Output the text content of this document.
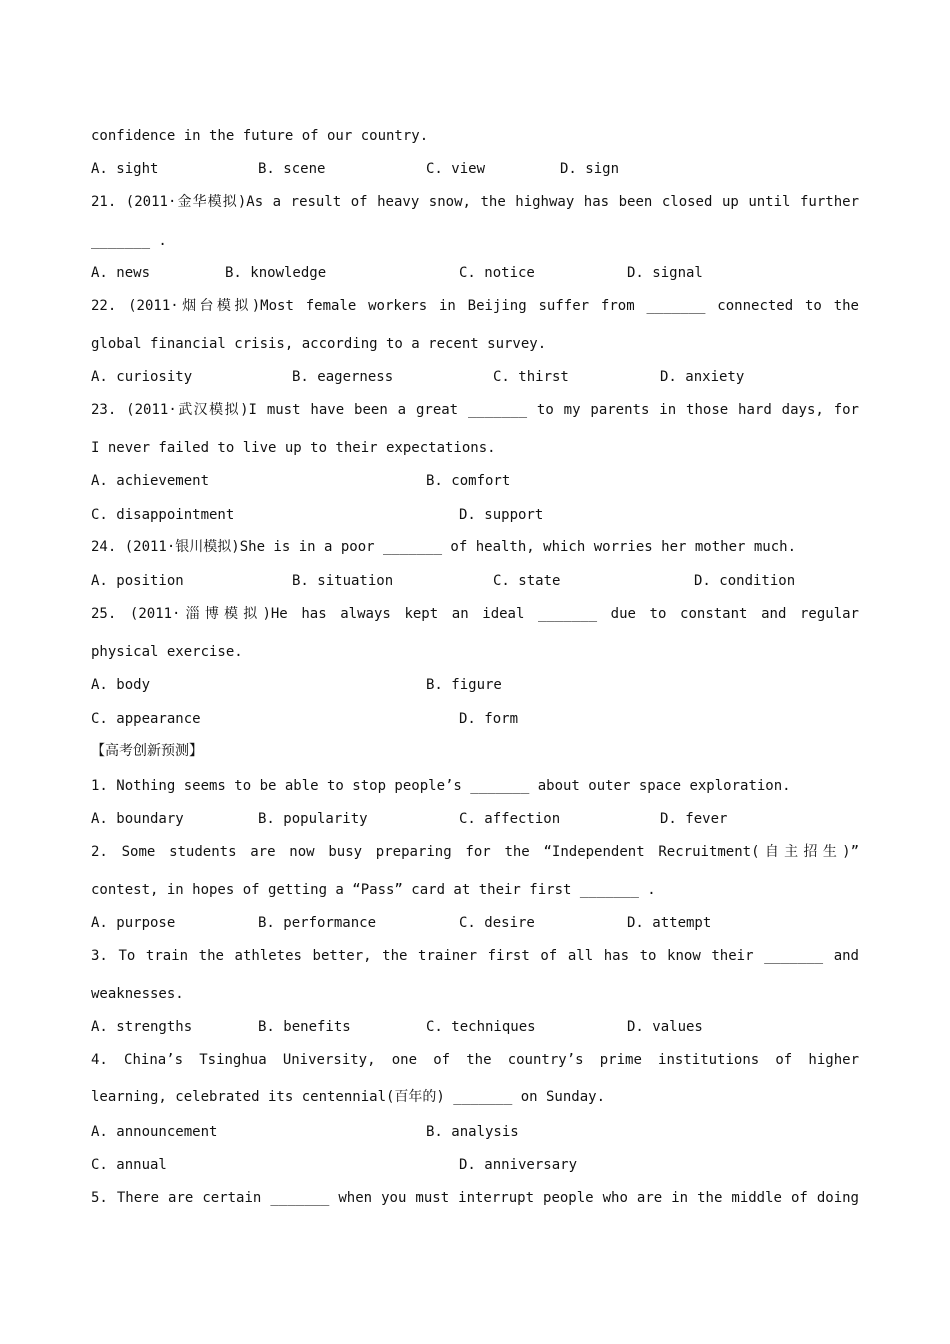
confidence in the future of our country.
A. sight	B. scene	C. view	D. sign
21. (2011·金华模拟)As a result of heavy snow, the highway has been closed up until further
_______ .
A. news	B. knowledge	C. notice	D. signal
22. (2011·烟台模拟)Most female workers in Beijing suffer from _______ connected to the
global financial crisis, according to a recent survey.
A. curiosity	B. eagerness	C. thirst	D. anxiety
23. (2011·武汉模拟)I must have been a great _______ to my parents in those hard days, for
I never failed to live up to their expectations.
A. achievement	B. comfort
C. disappointment	D. support
24. (2011·银川模拟)She is in a poor _______ of health, which worries her mother much.
A. position	B. situation	C. state	D. condition
25. (2011·淄博模拟)He has always kept an ideal _______ due to constant and regular
physical exercise.
A. body	B. figure
C. appearance	D. form
【高考创新预测】
1. Nothing seems to be able to stop people’s _______ about outer space exploration.
A. boundary	B. popularity	C. affection	D. fever
2. Some students are now busy preparing for the “Independent Recruitment(自主招生)”
contest, in hopes of getting a “Pass” card at their first _______ .
A. purpose	B. performance	C. desire	D. attempt
3. To train the athletes better, the trainer first of all has to know their _______ and
weaknesses.
A. strengths	B. benefits	C. techniques	D. values
4. China’s Tsinghua University, one of the country’s prime institutions of higher
learning, celebrated its centennial(百年的) _______ on Sunday.
A. announcement	B. analysis
C. annual	D. anniversary
5. There are certain _______ when you must interrupt people who are in the middle of doing
